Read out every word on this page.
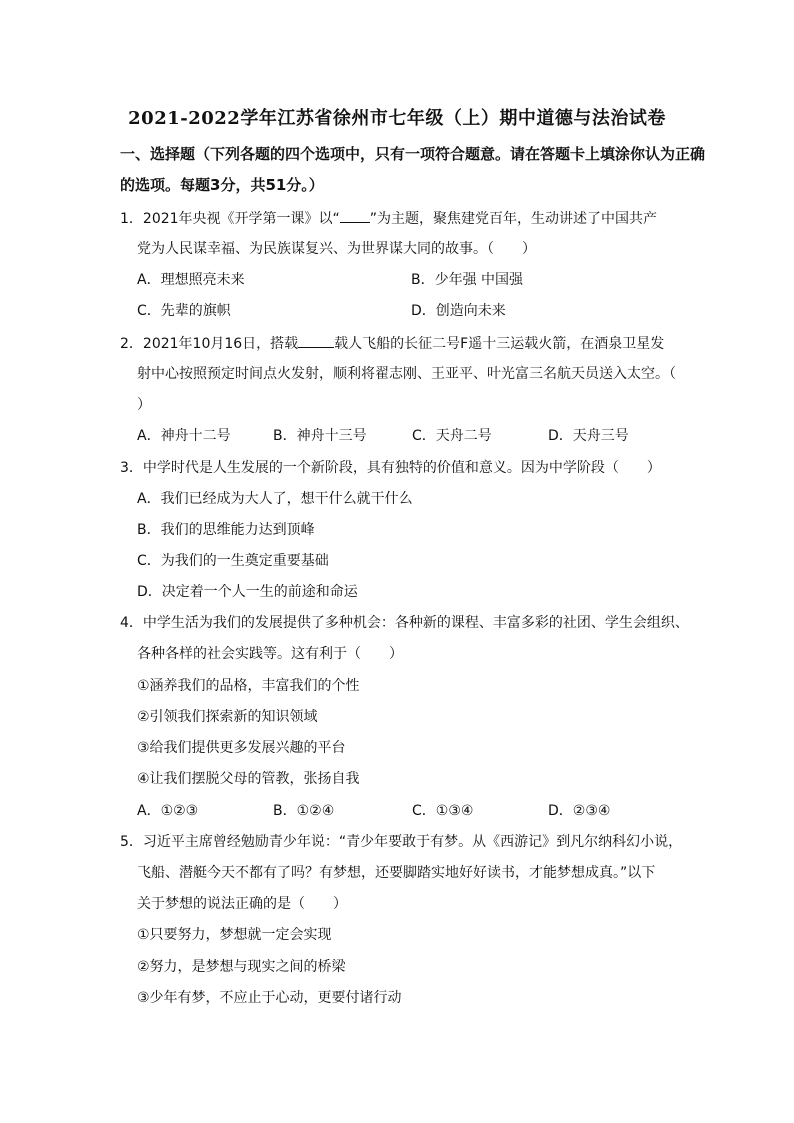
2021-2022学年江苏省徐州市七年级（上）期中道德与法治试卷
一、选择题（下列各题的四个选项中，只有一项符合题意。请在答题卡上填涂你认为正确
的选项。每题3分，共51分。）
1．2021年央视《开学第一课》以“ ”为主题，聚焦建党百年，生动讲述了中国共产
党为人民谋幸福、为民族谋复兴、为世界谋大同的故事。（　　）
A．理想照亮未来	B．少年强 中国强
C．先辈的旗帜	D．创造向未来
2．2021年10月16日，搭载	载人飞船的长征二号F遥十三运载火箭，在酒泉卫星发
射中心按照预定时间点火发射，顺利将翟志刚、王亚平、叶光富三名航天员送入太空。（
）
A．神舟十二号	B．神舟十三号	C．天舟二号	D．天舟三号
3．中学时代是人生发展的一个新阶段，具有独特的价值和意义。因为中学阶段（　　）
A．我们已经成为大人了，想干什么就干什么
B．我们的思维能力达到顶峰
C．为我们的一生奠定重要基础
D．决定着一个人一生的前途和命运
4．中学生活为我们的发展提供了多种机会：各种新的课程、丰富多彩的社团、学生会组织、
各种各样的社会实践等。这有利于（　　）
①涵养我们的品格，丰富我们的个性
②引领我们探索新的知识领域
③给我们提供更多发展兴趣的平台
④让我们摆脱父母的管教，张扬自我
A．①②③	B．①②④	C．①③④	D．②③④
5．习近平主席曾经勉励青少年说：“青少年要敢于有梦。从《西游记》到凡尔纳科幻小说，
飞船、潜艇今天不都有了吗？有梦想，还要脚踏实地好好读书，才能梦想成真。”以下
关于梦想的说法正确的是（　　）
①只要努力，梦想就一定会实现
②努力，是梦想与现实之间的桥梁
③少年有梦，不应止于心动，更要付诸行动
